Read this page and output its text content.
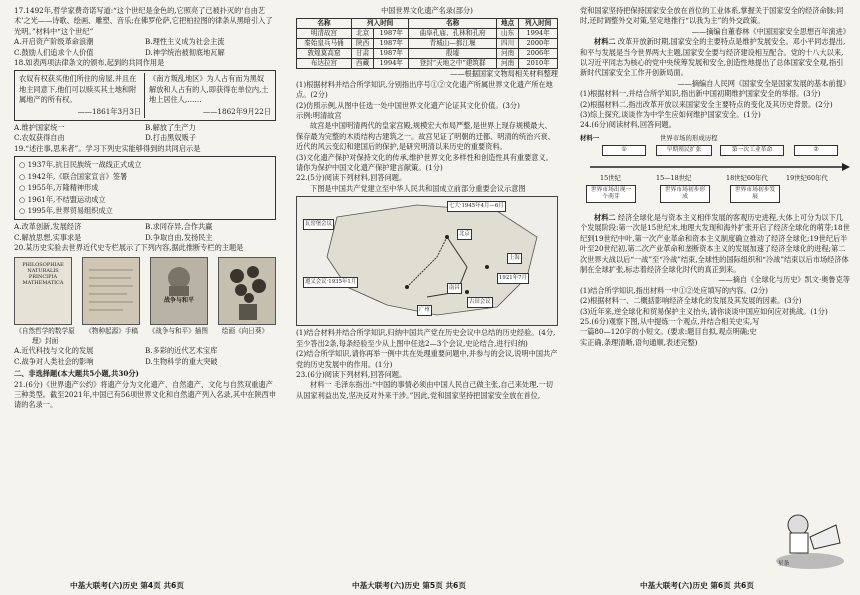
17.1492年,哲学家费奇诺写道:“这个世纪是金色的,它照亮了已被扑灭的‘自由艺术’之光——诗歌、绘画、雕塑、音乐;在佛罗伦萨,它把柏拉图的律条从黑暗引入了光明。”材料中“这个世纪”

A.开启资产阶级革命浪潮	B.理性主义成为社会主流
C.鼓励人们追求个人价值	D.神学统治被彻底地瓦解

18.如表两项法律条文的颁布,起到的共同作用是

农奴有权获买他们所住的房屋,并且在地主同意下,他们可以赎买其土地和附属地产的所有权。

——1861年3月3日

《南方叛乱地区》为人占有而为黑奴解放和人占有的人,即获得在单位内,土地上居住人,……

——1862年9月22日

A.维护国家统一	B.解放了生产力
C.农奴获得自由	D.打击黑奴贩子

19.“述往事,思来者”。学习下列史实能够得到的共同启示是

○ 1937年,抗日民族统一战线正式成立

○ 1942年,《联合国家宣言》签署

○ 1955年,万隆精神形成

○ 1961年,不结盟运动成立

○ 1995年,世界贸易组织成立

A.改革创新,发展经济	B.求同存异,合作共赢
C.解放思想,实事求是	D.争取自由,发扬民主

20.某历史实验去世界近代史专栏展示了下列内容,据此推断专栏的主题是

PHILOSOPHIAE NATURALIS PRINCIPIA MATHEMATICA
战争与和平
《自然哲学的数学原理》封面
《物种起源》手稿	《战争与和平》插图	绘画《向日葵》
A.近代科技与文化的发展	B.多彩的近代艺术宝库
C.战争对人类社会的影响	D.生物科学的重大突破

二、非选择题(本大题共5小题,共30分)

21.(6分)《世界遗产公约》将遗产分为文化遗产、自然遗产、文化与自然双重遗产三种类型。截至2021年,中国已有56项世界文化和自然遗产列入名录,其中在陕西申请的名录一。

中国世界文化遗产名录(部分)

名称	列入时间		名称	地点	列入时间
明清故宫	北京	1987年	曲阜孔庙、孔林和孔府	山东	1994年
秦始皇兵马俑	陕西	1987年	青城山—都江堰	四川	2000年
敦煌莫高窟	甘肃	1987年	殷墟	河南	2006年
布达拉宫	西藏	1994年	登封“天地之中”建筑群	河南	2010年

——根据国家文物局相关材料整理

(1)根据材料并结合所学知识,分别指出序号①②文化遗产所属世界文化遗产所在地点。(2分)

(2)仿照示例,从图中任选一处中国世界文化遗产论证其文化价值。(3分)

示例:明清故宫

故宫是中国明清两代的皇家宫殿,规模宏大布局严整,是世界上现存规模最大、保存最为完整的木质结构古建筑之一。故宫见证了明朝的迁都、明清的统治兴衰、近代的风云变幻和建国后的保护,是研究明清以来历史的重要资料。

(3)文化遗产保护对保持文化的传承,维护世界文化多样性和创造性具有重要意义。请你为保护中国文化遗产保护建言献策。(1分)

22.(5分)阅读下列材料,回答问题。

下图是中国共产党建立至中华人民共和国成立前部分重要会议示意图

七大·1945年4月—6月
北京
上海
1921年7月
遵义会议·1935年1月
古田会议
瓦窑堡会议
南昌
广州

(1)结合材料并结合所学知识,归纳中国共产党在历史会议中总结的历史经验。(4分,至少答出2条,每条经验至少从上图中任选2—3个会议,史论结合,进行归纳)

(2)结合所学知识,请你再举一例中共在处理重要问题中,并参与的会议,说明中国共产党的历史发展中的作用。(1分)

23.(6分)阅读下列材料,回答问题。

材料一 毛泽东指出:“中国的事情必须由中国人民自己做主张,自己来处理,一切从国家利益出发,坚决反对外来干涉。”因此,党和国家坚持把国家安全放在首位,

党和国家坚持把保持国家安全放在首位的工业体系,掌握关于国家安全的经济命脉;同时,还时调整外交对策,坚定地推行“以我为主”的外交政策。

——摘编自董春林《中国国家安全思想百年演进》

材料二 改革开放新时期,国家安全的主要特点是维护发展安全。邓小平同志提出,和平与发展是当今世界两大主题,国家安全要与经济建设相互配合。党的十八大以来,以习近平同志为核心的党中央统筹发展和安全,创造性地提出了总体国家安全观,指引新时代国家安全工作开创新局面。

——摘编自人民网《国家安全是国家发展的基本前提》

(1)根据材料一,并结合所学知识,指出新中国初期维护国家安全的举措。(3分)

(2)根据材料二,指出改革开放以来国家安全主要特点的变化及其历史背景。(2分)

(3)综上探究,谈谈作为中学生应如何维护国家安全。(1分)

24.(6分)阅读材料,回答问题。

材料一	世界市场的形成历程
①	早期殖民扩张	第一次工业革命	②
15世纪	15—18世纪	18世纪60年代	19世纪60年代
世界市场出现一个萌芽
世界市场初步形成
世界市场初步发展

材料二 经济全球化是与资本主义相伴发展的客观历史进程,大体上可分为以下几个发展阶段:第一次是15世纪末,地理大发现和海外扩张开启了经济全球化的萌芽;18世纪到19世纪中叶,第一次产业革命和资本主义制度确立推动了经济全球化;19世纪后半叶至20世纪初,第二次产业革命和垄断资本主义的发展加速了经济全球化的进程;第二次世界大战以后“一战”至“冷战”结束,全球性的国际组织和“冷战”结束以后市场经济体制在全球扩张,标志着经济全球化时代的真正到来。

——摘自《全球化与历史》凯文·奥鲁克等

(1)结合所学知识,指出材料一中①②处应填写的内容。(2分)

(2)根据材料一、二概括影响经济全球化的发展及其发展的因素。(3分)

(3)近年来,逆全球化和贸易保护主义抬头,请你谈谈中国应如何应对挑战。(1分)

25.(6分)观察下图,从中提炼一个观点,并结合相关史实,写一篇80—120字的小短文。(要求:题目自拟,观点明确;史实正确,条理清晰,语句通顺,表述完整)

星条
中基大联考(六)历史 第4页 共6页	中基大联考(六)历史 第5页 共6页	中基大联考(六)历史 第6页 共6页
